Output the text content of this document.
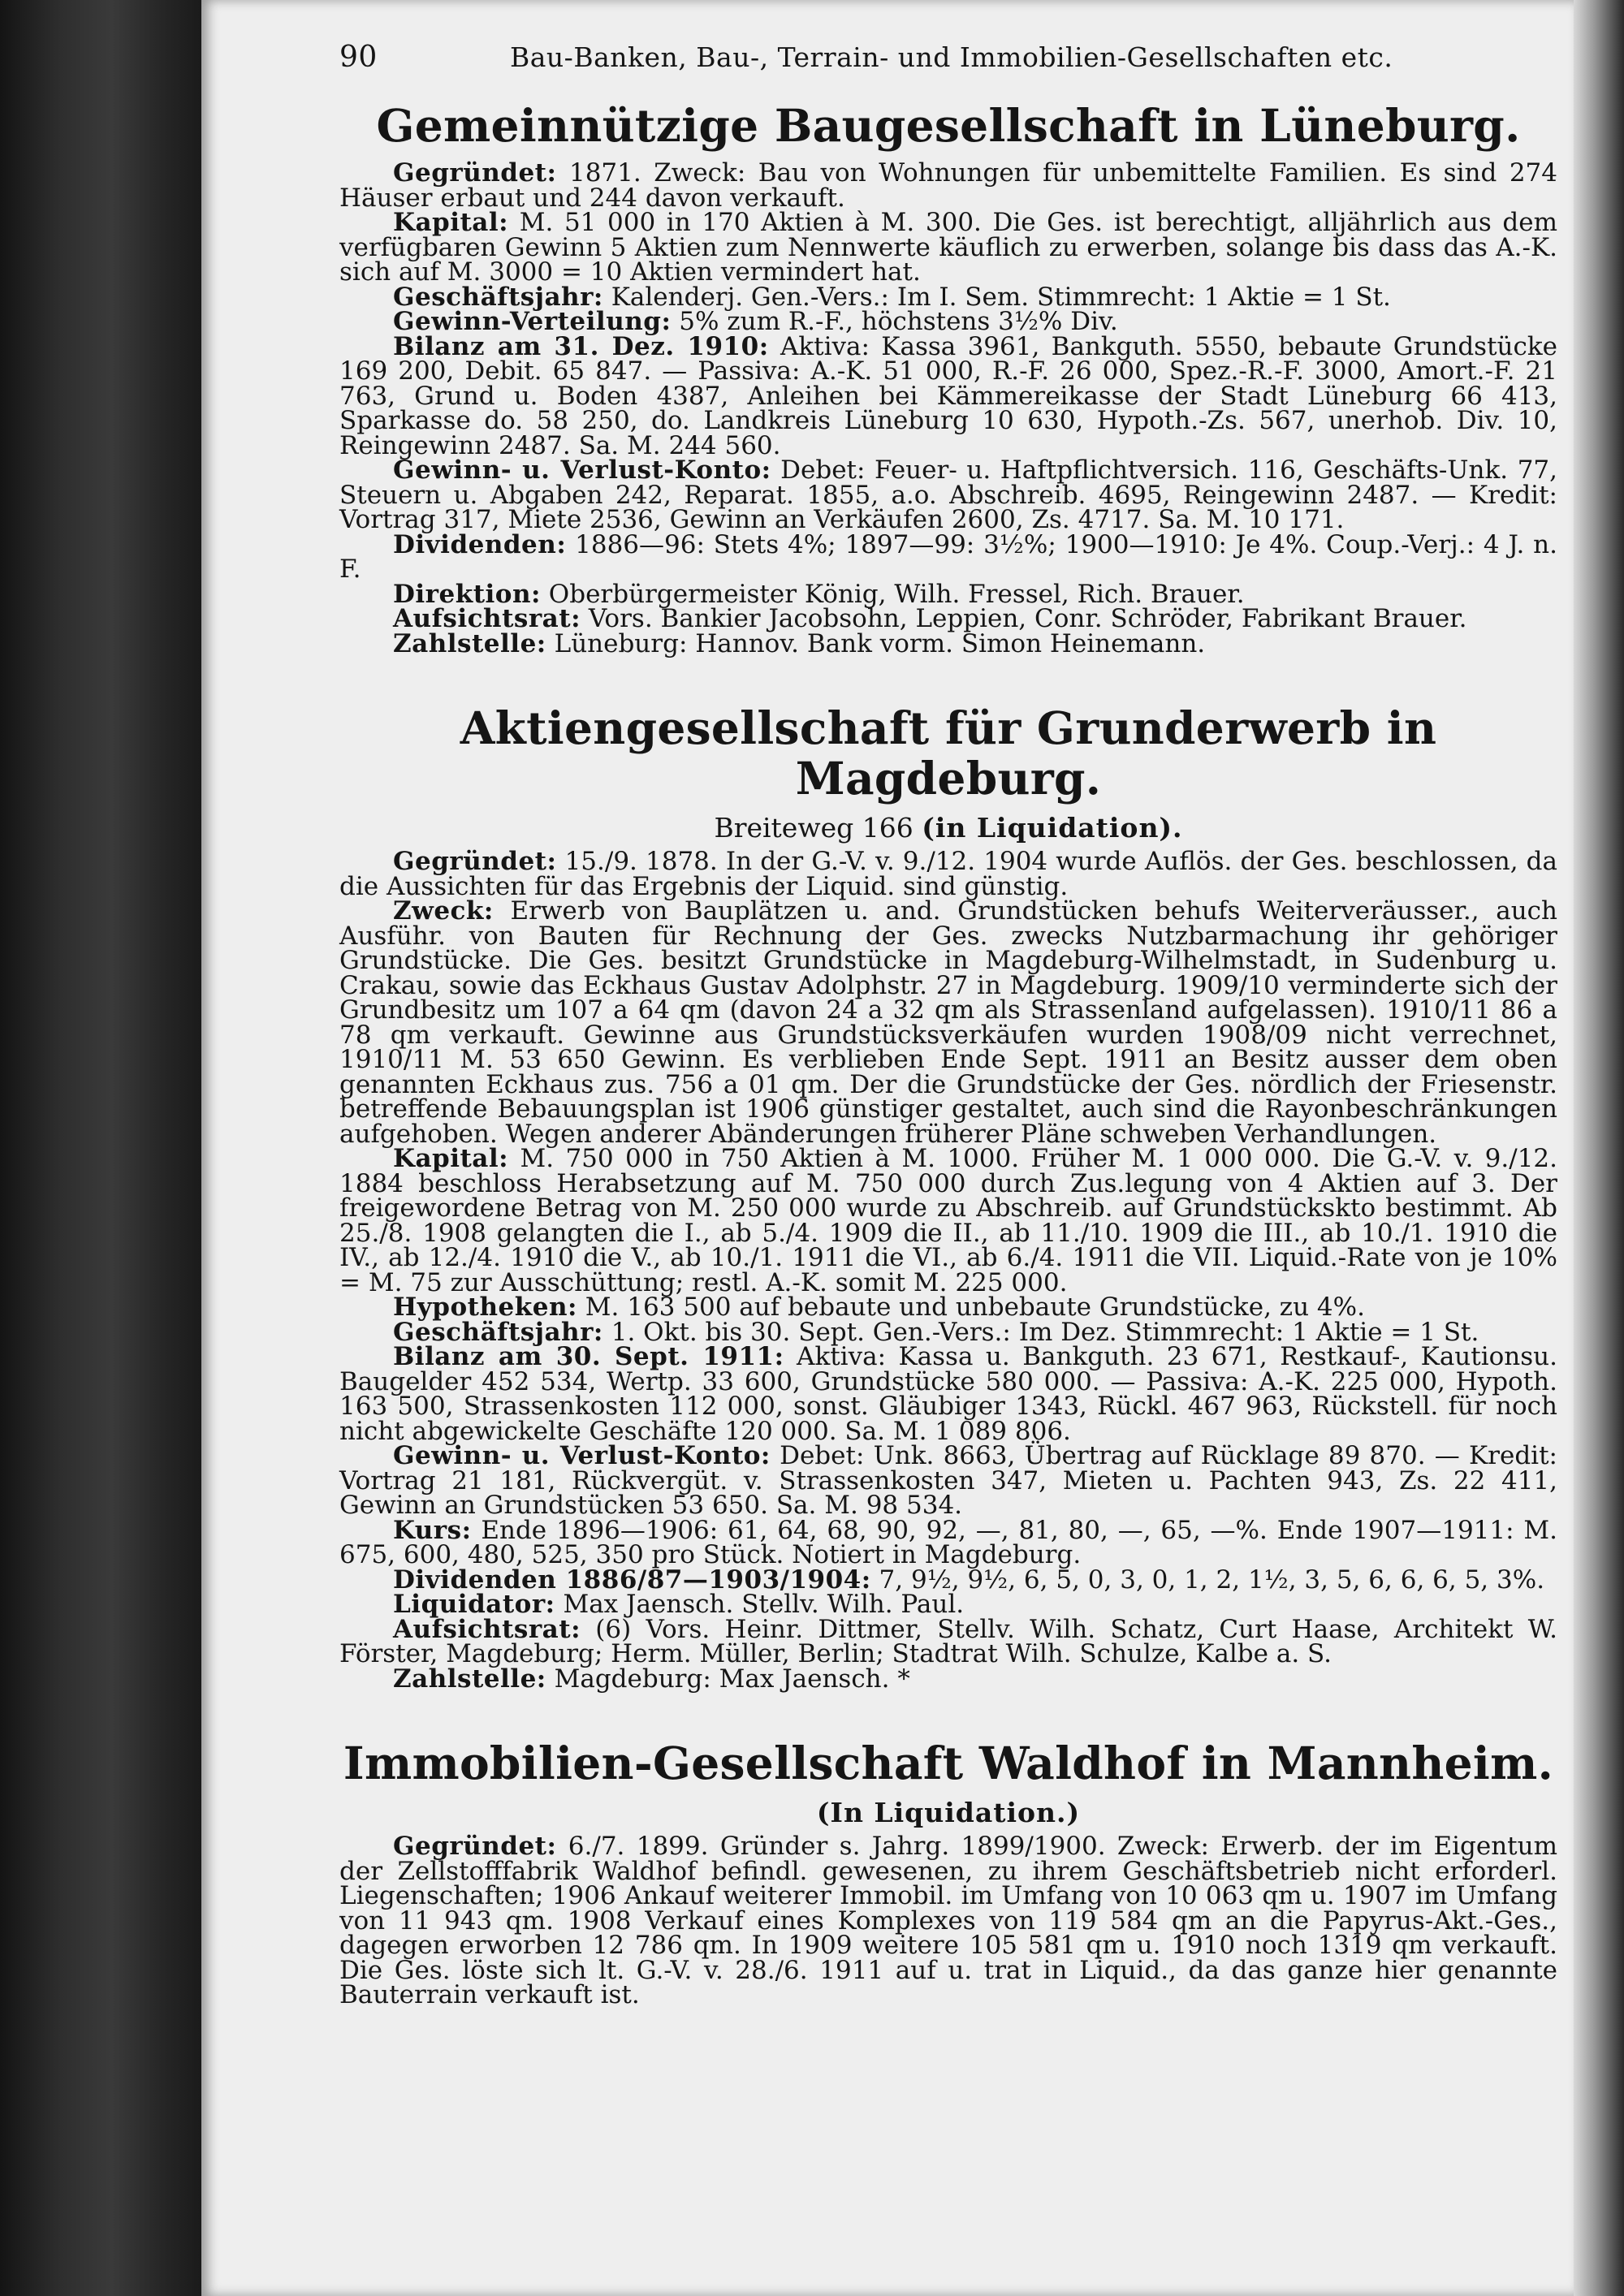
90	Bau-Banken, Bau-, Terrain- und Immobilien-Gesellschaften etc.
Gemeinnützige Baugesellschaft in Lüneburg.

Gegründet: 1871. Zweck: Bau von Wohnungen für unbemittelte Familien. Es sind 274 Häuser erbaut und 244 davon verkauft.

Kapital: M. 51 000 in 170 Aktien à M. 300. Die Ges. ist berechtigt, alljährlich aus dem verfügbaren Gewinn 5 Aktien zum Nennwerte käuflich zu erwerben, solange bis dass das A.-K. sich auf M. 3000 = 10 Aktien vermindert hat.

Geschäftsjahr: Kalenderj. Gen.-Vers.: Im I. Sem. Stimmrecht: 1 Aktie = 1 St.

Gewinn-Verteilung: 5% zum R.-F., höchstens 3½% Div.

Bilanz am 31. Dez. 1910: Aktiva: Kassa 3961, Bankguth. 5550, bebaute Grundstücke 169 200, Debit. 65 847. — Passiva: A.-K. 51 000, R.-F. 26 000, Spez.-R.-F. 3000, Amort.-F. 21 763, Grund u. Boden 4387, Anleihen bei Kämmereikasse der Stadt Lüneburg 66 413, Sparkasse do. 58 250, do. Landkreis Lüneburg 10 630, Hypoth.-Zs. 567, unerhob. Div. 10, Reingewinn 2487. Sa. M. 244 560.

Gewinn- u. Verlust-Konto: Debet: Feuer- u. Haftpflichtversich. 116, Geschäfts-Unk. 77, Steuern u. Abgaben 242, Reparat. 1855, a.o. Abschreib. 4695, Reingewinn 2487. — Kredit: Vortrag 317, Miete 2536, Gewinn an Verkäufen 2600, Zs. 4717. Sa. M. 10 171.

Dividenden: 1886—96: Stets 4%; 1897—99: 3½%; 1900—1910: Je 4%. Coup.-Verj.: 4 J. n. F.

Direktion: Oberbürgermeister König, Wilh. Fressel, Rich. Brauer.

Aufsichtsrat: Vors. Bankier Jacobsohn, Leppien, Conr. Schröder, Fabrikant Brauer.

Zahlstelle: Lüneburg: Hannov. Bank vorm. Simon Heinemann.

Aktiengesellschaft für Grunderwerb in Magdeburg.
Breiteweg 166 (in Liquidation).

Gegründet: 15./9. 1878. In der G.-V. v. 9./12. 1904 wurde Auflös. der Ges. beschlossen, da die Aussichten für das Ergebnis der Liquid. sind günstig.

Zweck: Erwerb von Bauplätzen u. and. Grundstücken behufs Weiterveräusser., auch Ausführ. von Bauten für Rechnung der Ges. zwecks Nutzbarmachung ihr gehöriger Grundstücke. Die Ges. besitzt Grundstücke in Magdeburg-Wilhelmstadt, in Sudenburg u. Crakau, sowie das Eckhaus Gustav Adolphstr. 27 in Magdeburg. 1909/10 verminderte sich der Grundbesitz um 107 a 64 qm (davon 24 a 32 qm als Strassenland aufgelassen). 1910/11 86 a 78 qm verkauft. Gewinne aus Grundstücksverkäufen wurden 1908/09 nicht verrechnet, 1910/11 M. 53 650 Gewinn. Es verblieben Ende Sept. 1911 an Besitz ausser dem oben genannten Eckhaus zus. 756 a 01 qm. Der die Grundstücke der Ges. nördlich der Friesenstr. betreffende Bebauungsplan ist 1906 günstiger gestaltet, auch sind die Rayonbeschränkungen aufgehoben. Wegen anderer Abänderungen früherer Pläne schweben Verhandlungen.

Kapital: M. 750 000 in 750 Aktien à M. 1000. Früher M. 1 000 000. Die G.-V. v. 9./12. 1884 beschloss Herabsetzung auf M. 750 000 durch Zus.legung von 4 Aktien auf 3. Der freigewordene Betrag von M. 250 000 wurde zu Abschreib. auf Grundstückskto bestimmt. Ab 25./8. 1908 gelangten die I., ab 5./4. 1909 die II., ab 11./10. 1909 die III., ab 10./1. 1910 die IV., ab 12./4. 1910 die V., ab 10./1. 1911 die VI., ab 6./4. 1911 die VII. Liquid.-Rate von je 10% = M. 75 zur Ausschüttung; restl. A.-K. somit M. 225 000.

Hypotheken: M. 163 500 auf bebaute und unbebaute Grundstücke, zu 4%.

Geschäftsjahr: 1. Okt. bis 30. Sept. Gen.-Vers.: Im Dez. Stimmrecht: 1 Aktie = 1 St.

Bilanz am 30. Sept. 1911: Aktiva: Kassa u. Bankguth. 23 671, Restkauf-, Kautionsu. Baugelder 452 534, Wertp. 33 600, Grundstücke 580 000. — Passiva: A.-K. 225 000, Hypoth. 163 500, Strassenkosten 112 000, sonst. Gläubiger 1343, Rückl. 467 963, Rückstell. für noch nicht abgewickelte Geschäfte 120 000. Sa. M. 1 089 806.

Gewinn- u. Verlust-Konto: Debet: Unk. 8663, Übertrag auf Rücklage 89 870. — Kredit: Vortrag 21 181, Rückvergüt. v. Strassenkosten 347, Mieten u. Pachten 943, Zs. 22 411, Gewinn an Grundstücken 53 650. Sa. M. 98 534.

Kurs: Ende 1896—1906: 61, 64, 68, 90, 92, —, 81, 80, —, 65, —%. Ende 1907—1911: M. 675, 600, 480, 525, 350 pro Stück. Notiert in Magdeburg.

Dividenden 1886/87—1903/1904: 7, 9½, 9½, 6, 5, 0, 3, 0, 1, 2, 1½, 3, 5, 6, 6, 6, 5, 3%.

Liquidator: Max Jaensch. Stellv. Wilh. Paul.

Aufsichtsrat: (6) Vors. Heinr. Dittmer, Stellv. Wilh. Schatz, Curt Haase, Architekt W. Förster, Magdeburg; Herm. Müller, Berlin; Stadtrat Wilh. Schulze, Kalbe a. S.

Zahlstelle: Magdeburg: Max Jaensch. *

Immobilien-Gesellschaft Waldhof in Mannheim.
(In Liquidation.)

Gegründet: 6./7. 1899. Gründer s. Jahrg. 1899/1900. Zweck: Erwerb. der im Eigentum der Zellstofffabrik Waldhof befindl. gewesenen, zu ihrem Geschäftsbetrieb nicht erforderl. Liegenschaften; 1906 Ankauf weiterer Immobil. im Umfang von 10 063 qm u. 1907 im Umfang von 11 943 qm. 1908 Verkauf eines Komplexes von 119 584 qm an die Papyrus-Akt.-Ges., dagegen erworben 12 786 qm. In 1909 weitere 105 581 qm u. 1910 noch 1319 qm verkauft. Die Ges. löste sich lt. G.-V. v. 28./6. 1911 auf u. trat in Liquid., da das ganze hier genannte Bauterrain verkauft ist.
